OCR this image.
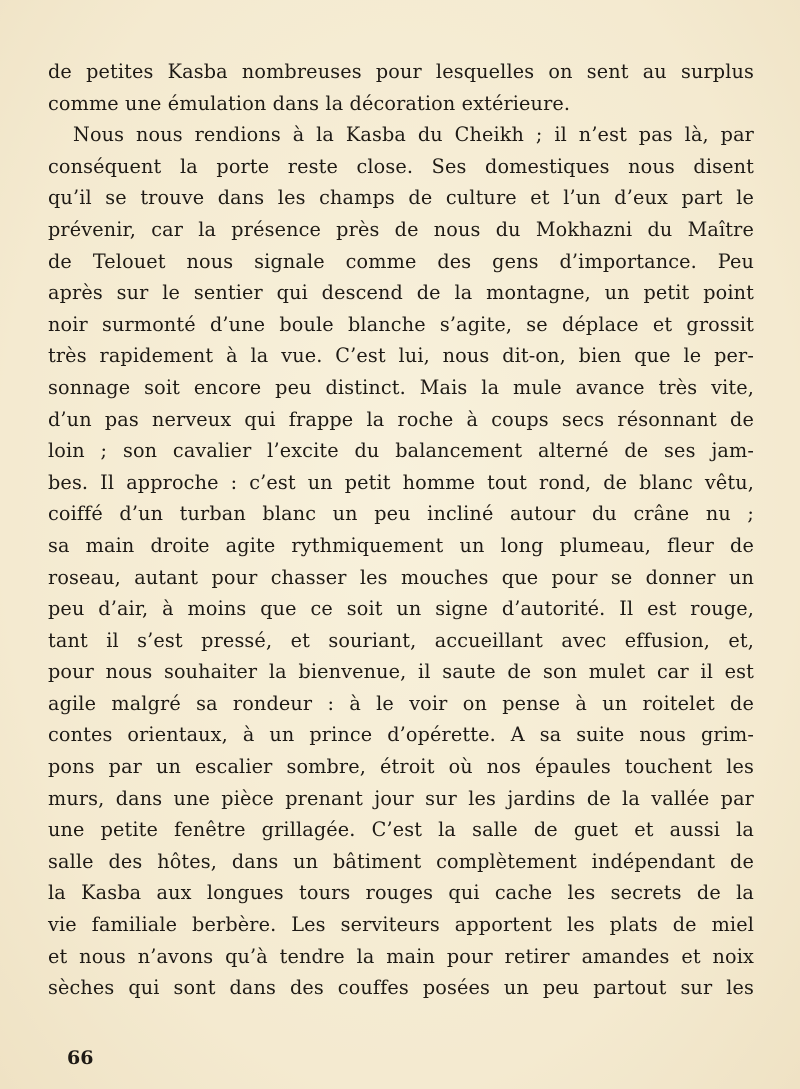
de petites Kasba nombreuses pour lesquelles on sent au surplus
comme une émulation dans la décoration extérieure.
Nous nous rendions à la Kasba du Cheikh ; il n’est pas là, par
conséquent la porte reste close. Ses domestiques nous disent
qu’il se trouve dans les champs de culture et l’un d’eux part le
prévenir, car la présence près de nous du Mokhazni du Maître
de Telouet nous signale comme des gens d’importance. Peu
après sur le sentier qui descend de la montagne, un petit point
noir surmonté d’une boule blanche s’agite, se déplace et grossit
très rapidement à la vue. C’est lui, nous dit-on, bien que le per-
sonnage soit encore peu distinct. Mais la mule avance très vite,
d’un pas nerveux qui frappe la roche à coups secs résonnant de
loin ; son cavalier l’excite du balancement alterné de ses jam-
bes. Il approche : c’est un petit homme tout rond, de blanc vêtu,
coiffé d’un turban blanc un peu incliné autour du crâne nu ;
sa main droite agite rythmiquement un long plumeau, fleur de
roseau, autant pour chasser les mouches que pour se donner un
peu d’air, à moins que ce soit un signe d’autorité. Il est rouge,
tant il s’est pressé, et souriant, accueillant avec effusion, et,
pour nous souhaiter la bienvenue, il saute de son mulet car il est
agile malgré sa rondeur : à le voir on pense à un roitelet de
contes orientaux, à un prince d’opérette. A sa suite nous grim-
pons par un escalier sombre, étroit où nos épaules touchent les
murs, dans une pièce prenant jour sur les jardins de la vallée par
une petite fenêtre grillagée. C’est la salle de guet et aussi la
salle des hôtes, dans un bâtiment complètement indépendant de
la Kasba aux longues tours rouges qui cache les secrets de la
vie familiale berbère. Les serviteurs apportent les plats de miel
et nous n’avons qu’à tendre la main pour retirer amandes et noix
sèches qui sont dans des couffes posées un peu partout sur les
66
